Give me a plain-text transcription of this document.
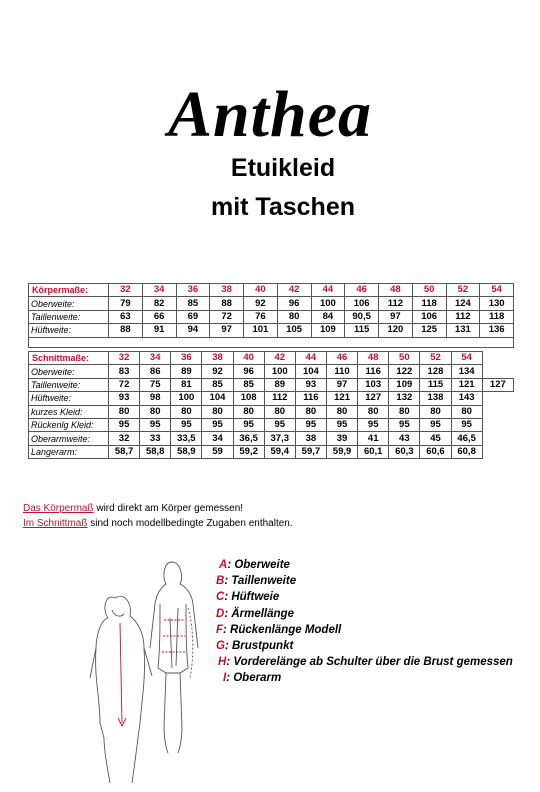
Anthea
Etuikleid
mit Taschen
Körpermaße:	32	34	36	38	40	42	44	46	48	50	52	54
Oberweite:	79	82	85	88	92	96	100	106	112	118	124	130
Taillenweite:	63	66	69	72	76	80	84	90,5	97	106	112	118
Hüftweite:	88	91	94	97	101	105	109	115	120	125	131	136
Schnittmaße:	32	34	36	38	40	42	44	46	48	50	52	54	
Oberweite:	83	86	89	92	96	100	104	110	116	122	128	134	
Taillenweite:	72	75	81	85	85	89	93	97	103	109	115	121	127
Hüftweite:	93	98	100	104	108	112	116	121	127	132	138	143	
kurzes Kleid:	80	80	80	80	80	80	80	80	80	80	80	80	
Rückenlg Kleid:	95	95	95	95	95	95	95	95	95	95	95	95	
Oberarmweite:	32	33	33,5	34	36,5	37,3	38	39	41	43	45	46,5	
Langerarm:	58,7	58,8	58,9	59	59,2	59,4	59,7	59,9	60,1	60,3	60,6	60,8	
Das Körpermaß wird direkt am Körper gemessen!
Im Schnittmaß sind noch modellbedingte Zugaben enthalten.
A: Oberweite
B: Taillenweite
C: Hüftweie
D: Ärmellänge
F: Rückenlänge Modell
G: Brustpunkt
H: Vorderelänge ab Schulter über die Brust gemessen
I: Oberarm
